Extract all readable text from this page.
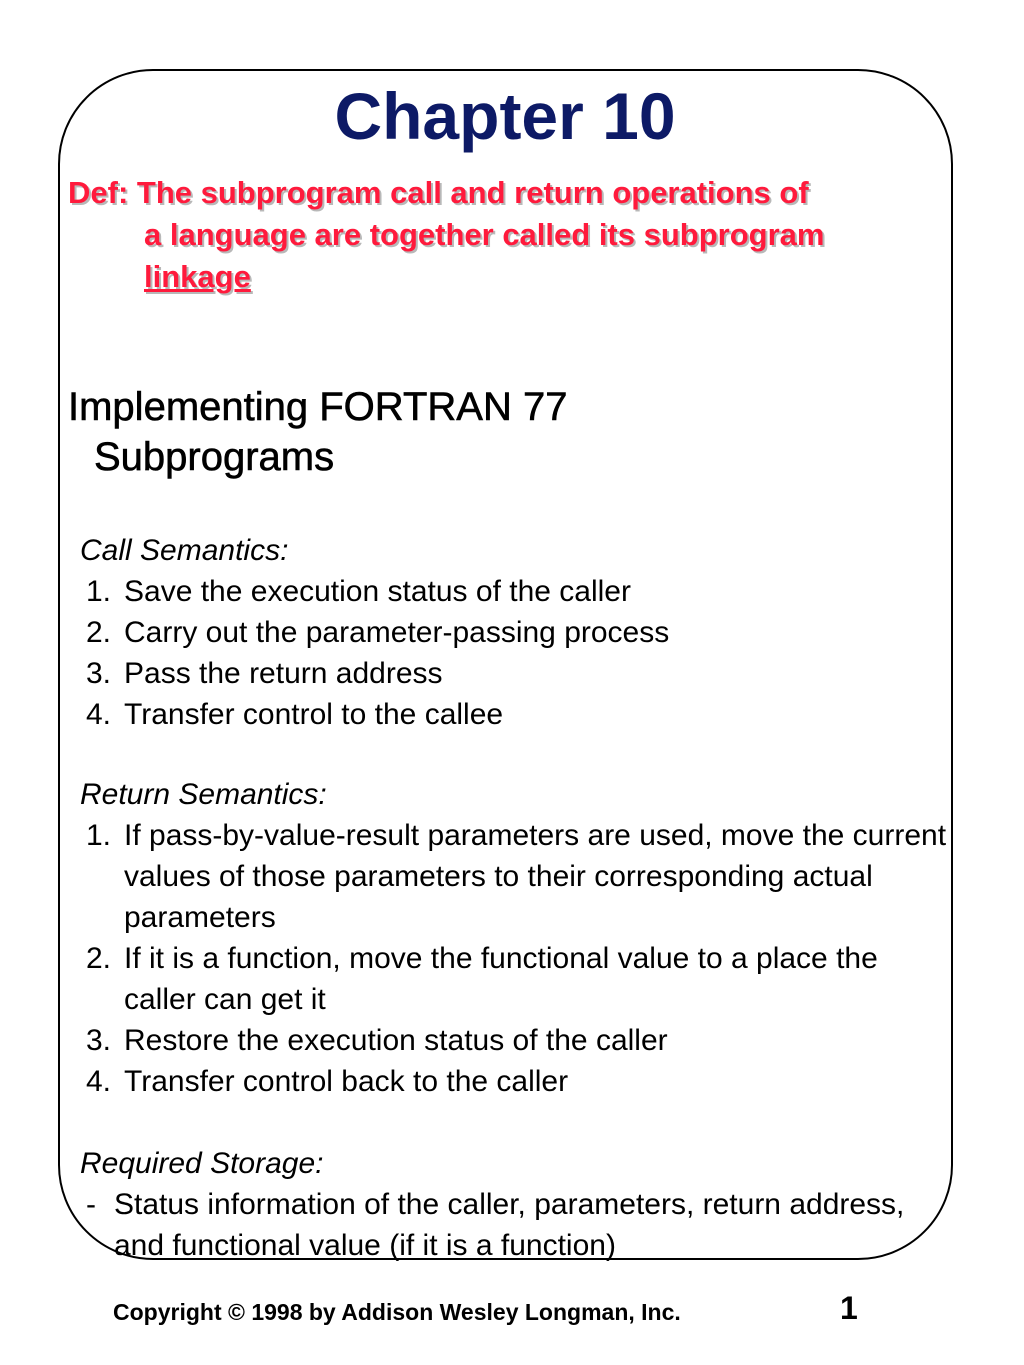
Chapter 10
Def: The subprogram call and return operations of
a language are together called its subprogram
linkage
Implementing FORTRAN 77
Subprograms
Call Semantics:
1. Save the execution status of the caller
2. Carry out the parameter-passing process
3. Pass the return address
4. Transfer control to the callee
Return Semantics:
1. If pass-by-value-result parameters are used, move the current values of those parameters to their corresponding actual parameters
2. If it is a function, move the functional value to a place the caller can get it
3. Restore the execution status of the caller
4. Transfer control back to the caller
Required Storage:
- Status information of the caller, parameters, return address, and functional value (if it is a function)
Copyright © 1998 by Addison Wesley Longman, Inc.	1
